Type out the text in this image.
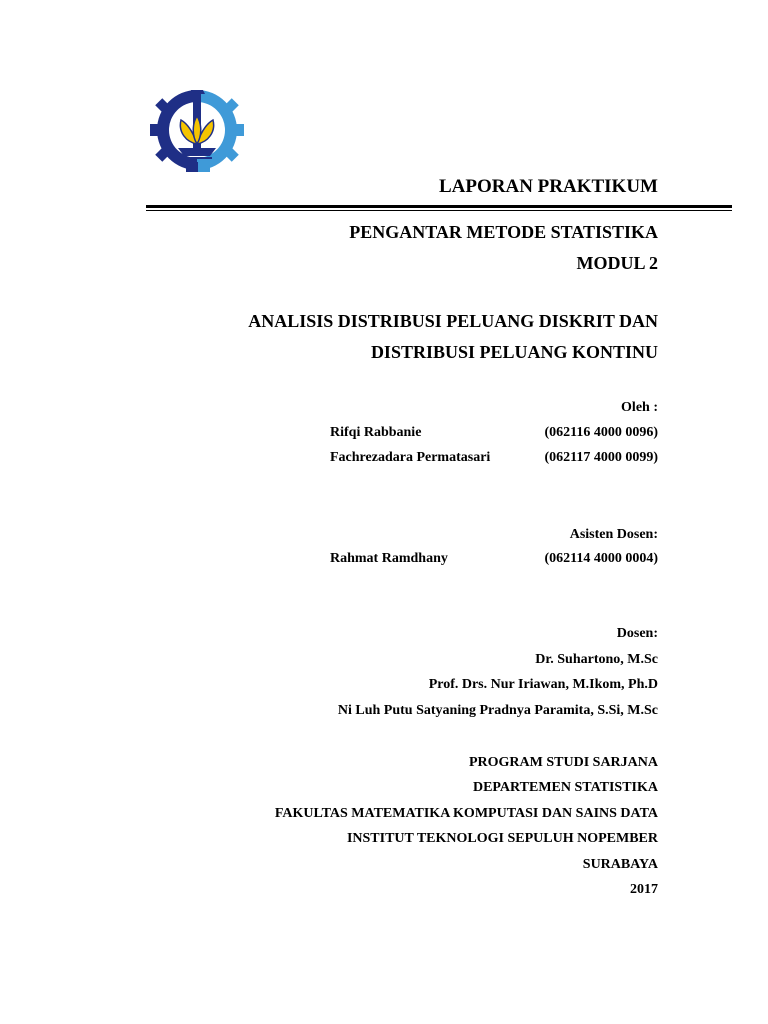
LAPORAN PRAKTIKUM
PENGANTAR METODE STATISTIKA
MODUL 2
ANALISIS DISTRIBUSI PELUANG DISKRIT DAN
DISTRIBUSI PELUANG KONTINU
Oleh :
Rifqi Rabbanie	(062116 4000 0096)
Fachrezadara Permatasari	(062117 4000 0099)
Asisten Dosen:
Rahmat Ramdhany	(062114 4000 0004)
Dosen:
Dr. Suhartono, M.Sc
Prof. Drs. Nur Iriawan, M.Ikom, Ph.D
Ni Luh Putu Satyaning Pradnya Paramita, S.Si, M.Sc
PROGRAM STUDI SARJANA
DEPARTEMEN STATISTIKA
FAKULTAS MATEMATIKA KOMPUTASI DAN SAINS DATA
INSTITUT TEKNOLOGI SEPULUH NOPEMBER
SURABAYA
2017
